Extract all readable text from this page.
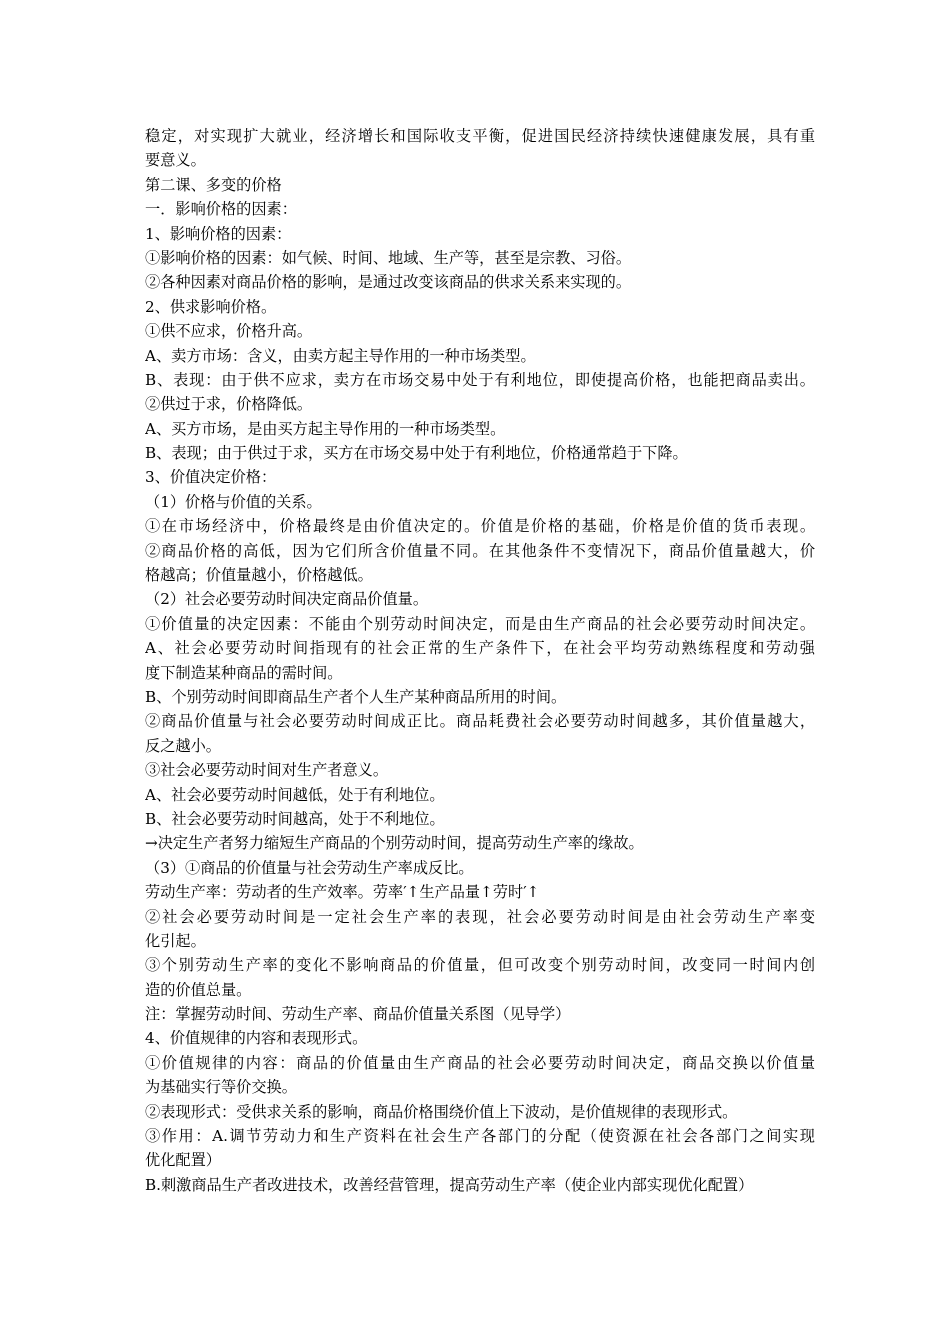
稳定，对实现扩大就业，经济增长和国际收支平衡，促进国民经济持续快速健康发展，具有重
要意义。
第二课、多变的价格
一．影响价格的因素：
1、影响价格的因素：
①影响价格的因素：如气候、时间、地域、生产等，甚至是宗教、习俗。
②各种因素对商品价格的影响，是通过改变该商品的供求关系来实现的。
2、供求影响价格。
①供不应求，价格升高。
A、卖方市场：含义，由卖方起主导作用的一种市场类型。
B、表现：由于供不应求，卖方在市场交易中处于有利地位，即使提高价格，也能把商品卖出。
②供过于求，价格降低。
A、买方市场，是由买方起主导作用的一种市场类型。
B、表现；由于供过于求，买方在市场交易中处于有利地位，价格通常趋于下降。
3、价值决定价格：
（1）价格与价值的关系。
①在市场经济中，价格最终是由价值决定的。价值是价格的基础，价格是价值的货币表现。
②商品价格的高低，因为它们所含价值量不同。在其他条件不变情况下，商品价值量越大，价
格越高；价值量越小，价格越低。
（2）社会必要劳动时间决定商品价值量。
①价值量的决定因素：不能由个别劳动时间决定，而是由生产商品的社会必要劳动时间决定。
A、社会必要劳动时间指现有的社会正常的生产条件下，在社会平均劳动熟练程度和劳动强
度下制造某种商品的需时间。
B、个别劳动时间即商品生产者个人生产某种商品所用的时间。
②商品价值量与社会必要劳动时间成正比。商品耗费社会必要劳动时间越多，其价值量越大，
反之越小。
③社会必要劳动时间对生产者意义。
A、社会必要劳动时间越低，处于有利地位。
B、社会必要劳动时间越高，处于不利地位。
→决定生产者努力缩短生产商品的个别劳动时间，提高劳动生产率的缘故。
（3）①商品的价值量与社会劳动生产率成反比。
劳动生产率：劳动者的生产效率。劳率′↑生产品量↑劳时′↑
②社会必要劳动时间是一定社会生产率的表现，社会必要劳动时间是由社会劳动生产率变
化引起。
③个别劳动生产率的变化不影响商品的价值量，但可改变个别劳动时间，改变同一时间内创
造的价值总量。
注：掌握劳动时间、劳动生产率、商品价值量关系图（见导学）
4、价值规律的内容和表现形式。
①价值规律的内容：商品的价值量由生产商品的社会必要劳动时间决定，商品交换以价值量
为基础实行等价交换。
②表现形式：受供求关系的影响，商品价格围绕价值上下波动，是价值规律的表现形式。
③作用：A.调节劳动力和生产资料在社会生产各部门的分配（使资源在社会各部门之间实现
优化配置）
B.刺激商品生产者改进技术，改善经营管理，提高劳动生产率（使企业内部实现优化配置）
